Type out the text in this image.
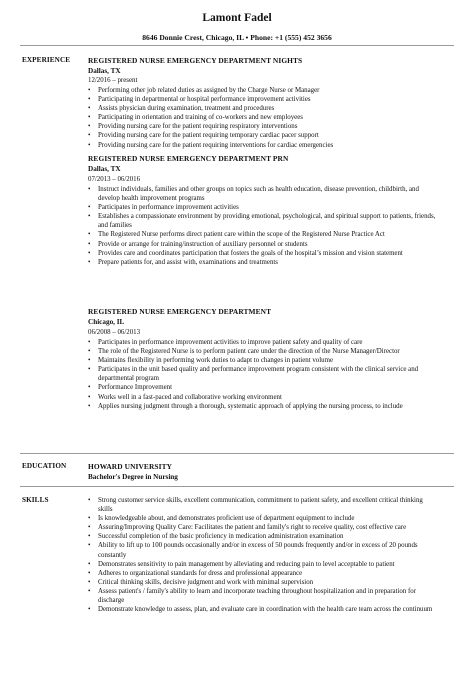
Lamont Fadel
8646 Donnie Crest, Chicago, IL • Phone: +1 (555) 452 3656
EXPERIENCE REGISTERED NURSE EMERGENCY DEPARTMENT NIGHTS
Dallas, TX
12/2016 – present
• Performing other job related duties as assigned by the Charge Nurse or Manager
• Participating in departmental or hospital performance improvement activities
• Assists physician during examination, treatment and procedures
• Participating in orientation and training of co-workers and new employees
• Providing nursing care for the patient requiring respiratory interventions
• Providing nursing care for the patient requiring temporary cardiac pacer support
• Providing nursing care for the patient requiring interventions for cardiac emergencies
REGISTERED NURSE EMERGENCY DEPARTMENT PRN
Dallas, TX
07/2013 – 06/2016
• Instruct individuals, families and other groups on topics such as health education, disease prevention, childbirth, and develop health improvement programs
• Participates in performance improvement activities
• Establishes a compassionate environment by providing emotional, psychological, and spiritual support to patients, friends, and families
• The Registered Nurse performs direct patient care within the scope of the Registered Nurse Practice Act
• Provide or arrange for training/instruction of auxiliary personnel or students
• Provides care and coordinates participation that fosters the goals of the hospital’s mission and vision statement
• Prepare patients for, and assist with, examinations and treatments
REGISTERED NURSE EMERGENCY DEPARTMENT
Chicago, IL
06/2008 – 06/2013
• Participates in performance improvement activities to improve patient safety and quality of care
• The role of the Registered Nurse is to perform patient care under the direction of the Nurse Manager/Director
• Maintains flexibility in performing work duties to adapt to changes in patient volume
• Participates in the unit based quality and performance improvement program consistent with the clinical service and departmental program
• Performance Improvement
• Works well in a fast-paced and collaborative working environment
• Applies nursing judgment through a thorough, systematic approach of applying the nursing process, to include
EDUCATION	HOWARD UNIVERSITY
Bachelor's Degree in Nursing
SKILLS
•	Strong customer service skills, excellent communication, commitment to patient safety, and excellent critical thinking skills
• Is knowledgeable about, and demonstrates proficient use of department equipment to include
• Assuring/Improving Quality Care: Facilitates the patient and family's right to receive quality, cost effective care
• Successful completion of the basic proficiency in medication administration examination
• Ability to lift up to 100 pounds occasionally and/or in excess of 50 pounds frequently and/or in excess of 20 pounds constantly
• Demonstrates sensitivity to pain management by alleviating and reducing pain to level acceptable to patient
• Adheres to organizational standards for dress and professional appearance
• Critical thinking skills, decisive judgment and work with minimal supervision
• Assess patient's / family's ability to learn and incorporate teaching throughout hospitalization and in preparation for discharge
• Demonstrate knowledge to assess, plan, and evaluate care in coordination with the health care team across the continuum
